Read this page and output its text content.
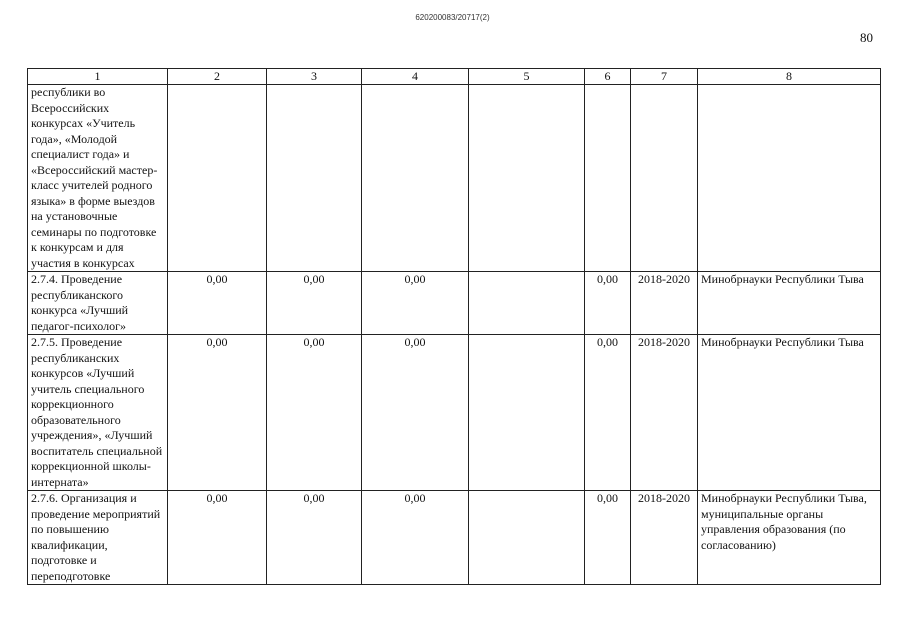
620200083/20717(2)
80
1	2	3	4	5	6	7	8
республики во Всероссийских конкурсах «Учитель года», «Молодой специалист года» и «Всероссийский мастер-класс учителей родного языка» в форме выездов на установочные семинары по подготовке к конкурсам и для участия в конкурсах							
2.7.4. Проведение республиканского конкурса «Лучший педагог-психолог»	0,00	0,00	0,00		0,00	2018-2020	Минобрнауки Республики Тыва
2.7.5. Проведение республиканских конкурсов «Лучший учитель специального коррекционного образовательного учреждения», «Лучший воспитатель специальной коррекционной школы-интерната»	0,00	0,00	0,00		0,00	2018-2020	Минобрнауки Республики Тыва
2.7.6. Организация и проведение мероприятий по повышению квалификации, подготовке и переподготовке	0,00	0,00	0,00		0,00	2018-2020	Минобрнауки Республики Тыва, муниципальные органы управления образования (по согласованию)
